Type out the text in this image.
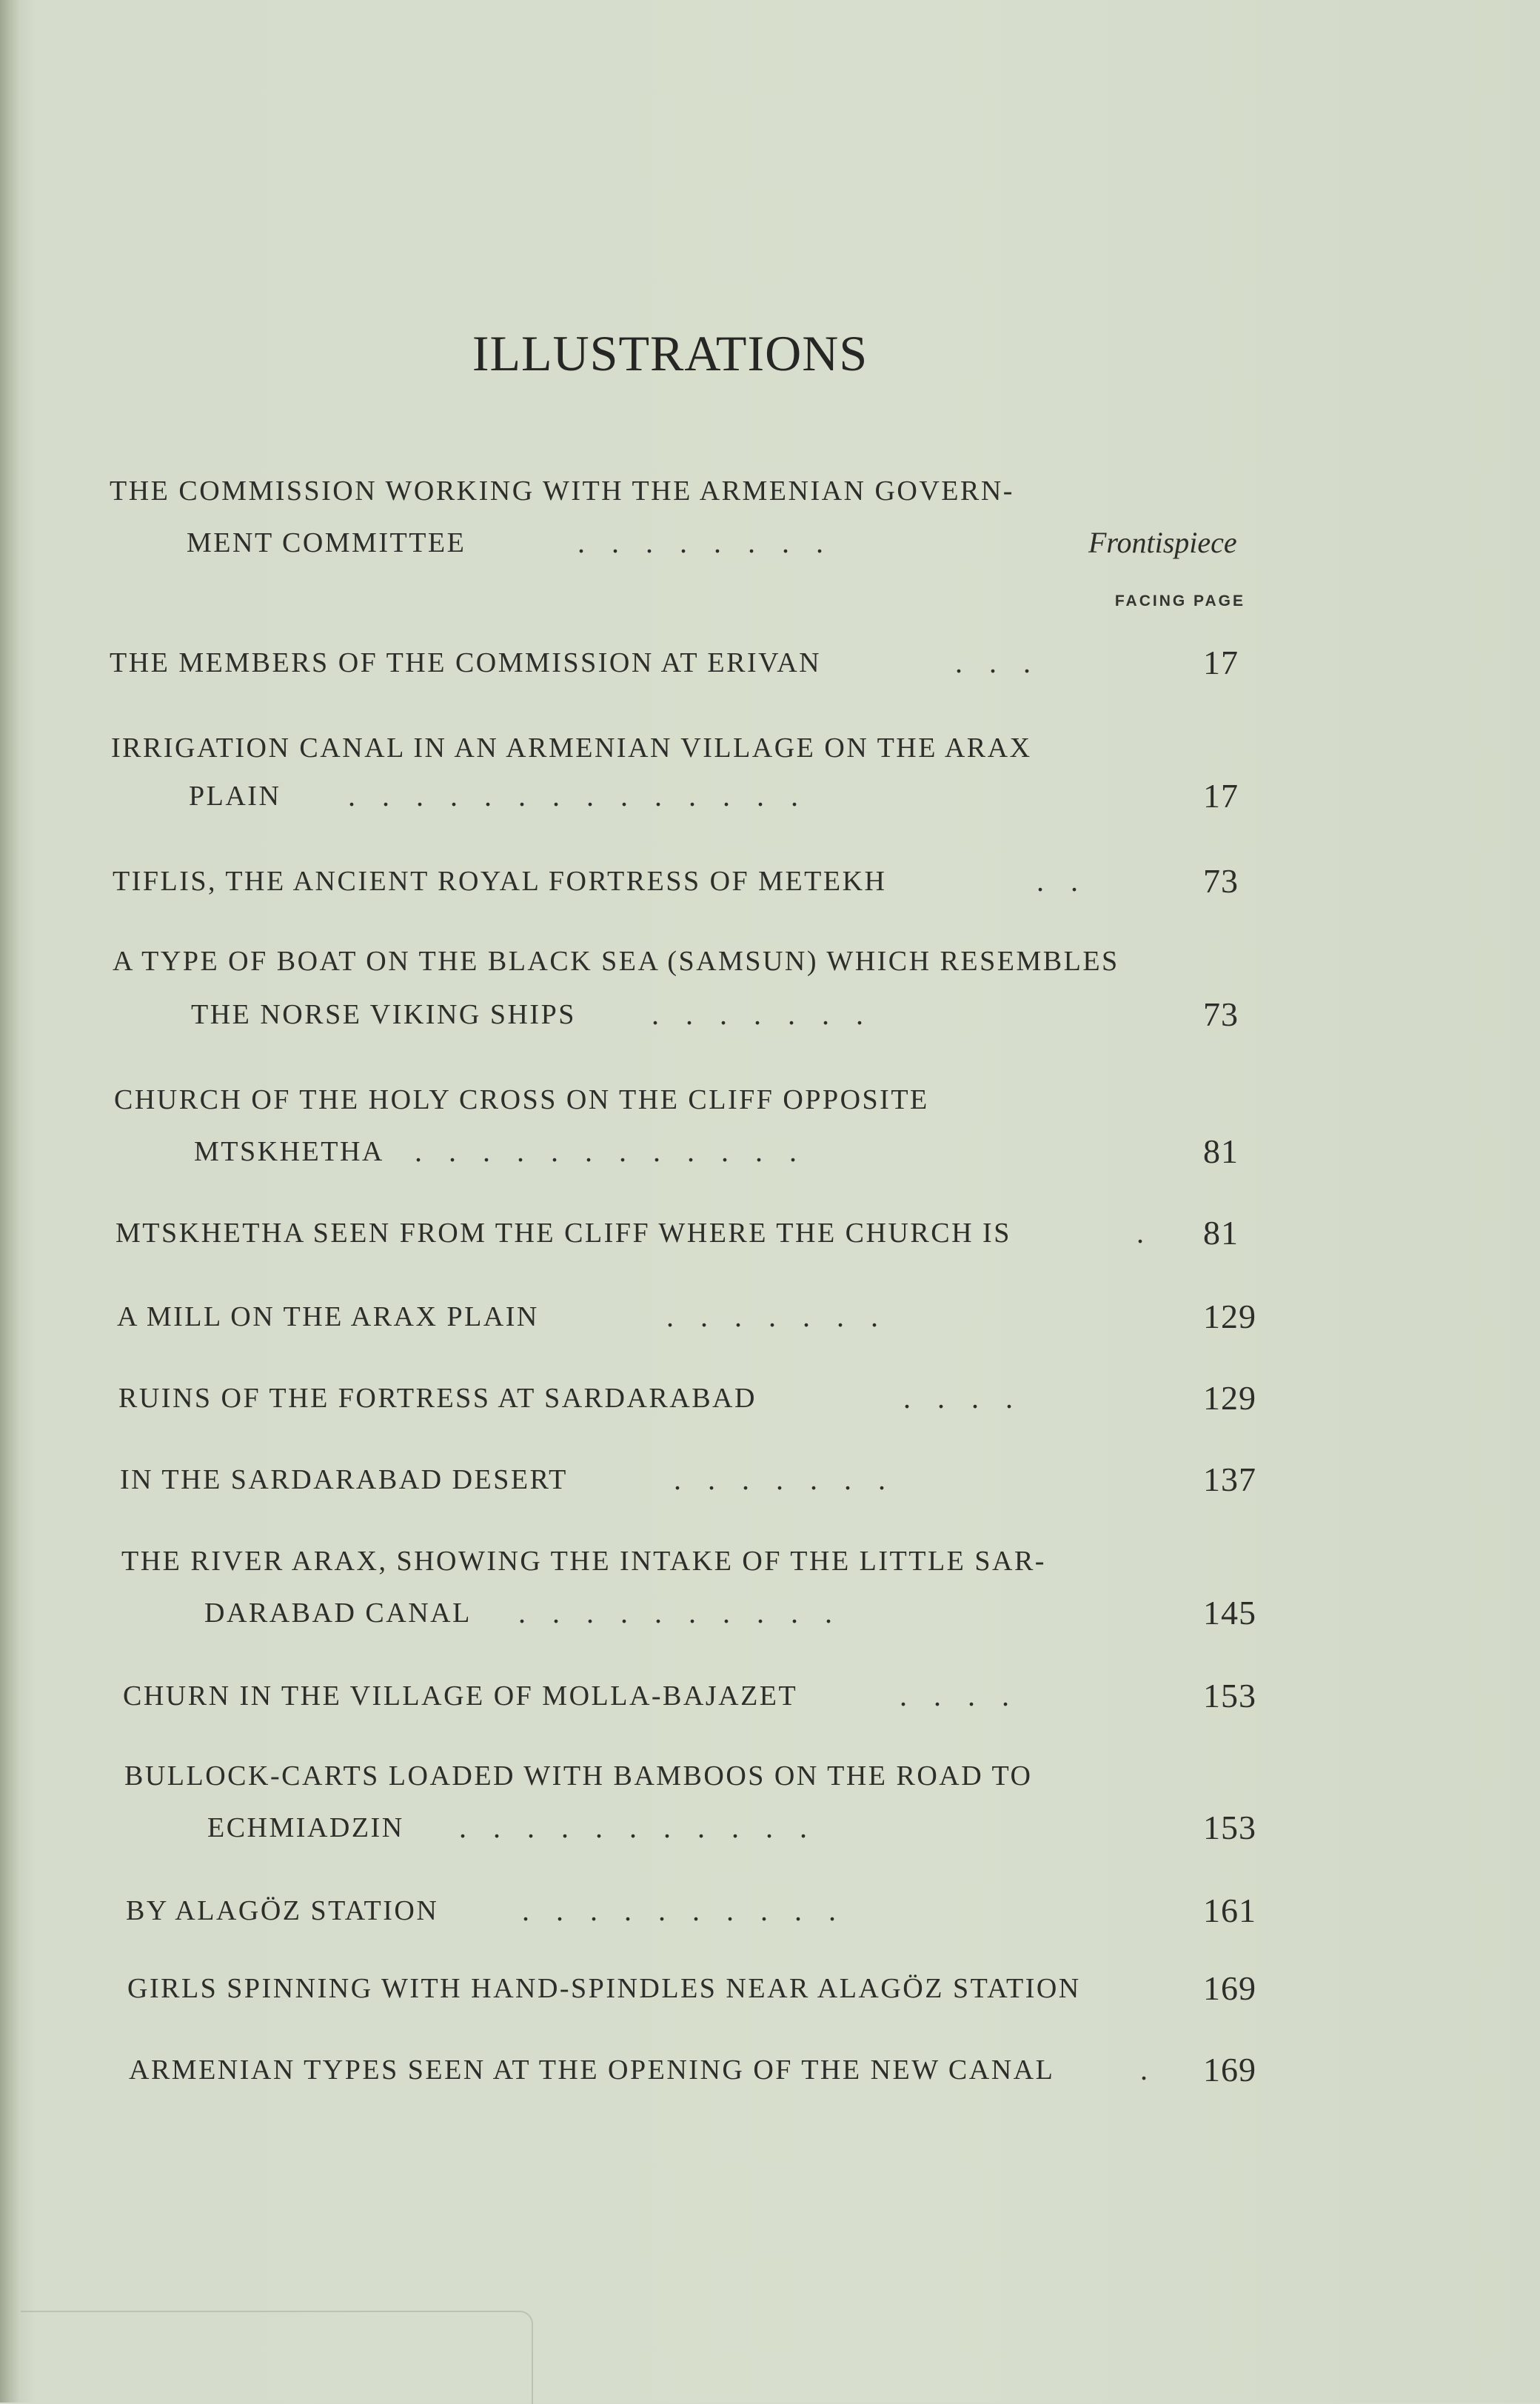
ILLUSTRATIONS
FACING PAGE
THE COMMISSION WORKING WITH THE ARMENIAN GOVERN-
MENT COMMITTEE	........	Frontispiece
THE MEMBERS OF THE COMMISSION AT ERIVAN	...	17
IRRIGATION CANAL IN AN ARMENIAN VILLAGE ON THE ARAX
PLAIN ..............	17
TIFLIS, THE ANCIENT ROYAL FORTRESS OF METEKH	..	73
A TYPE OF BOAT ON THE BLACK SEA (SAMSUN) WHICH RESEMBLES
THE NORSE VIKING SHIPS	.......	73
CHURCH OF THE HOLY CROSS ON THE CLIFF OPPOSITE
MTSKHETHA ............	81
MTSKHETHA SEEN FROM THE CLIFF WHERE THE CHURCH IS	. 81
A MILL ON THE ARAX PLAIN	.......	129
RUINS OF THE FORTRESS AT SARDARABAD	....	129
IN THE SARDARABAD DESERT	.......	137
THE RIVER ARAX, SHOWING THE INTAKE OF THE LITTLE SAR-
DARABAD CANAL ..........	145
CHURN IN THE VILLAGE OF MOLLA-BAJAZET	....	153
BULLOCK-CARTS LOADED WITH BAMBOOS ON THE ROAD TO
ECHMIADZIN ...........	153
BY ALAGÖZ STATION	..........	161
GIRLS SPINNING WITH HAND-SPINDLES NEAR ALAGÖZ STATION	169
ARMENIAN TYPES SEEN AT THE OPENING OF THE NEW CANAL	. 169
